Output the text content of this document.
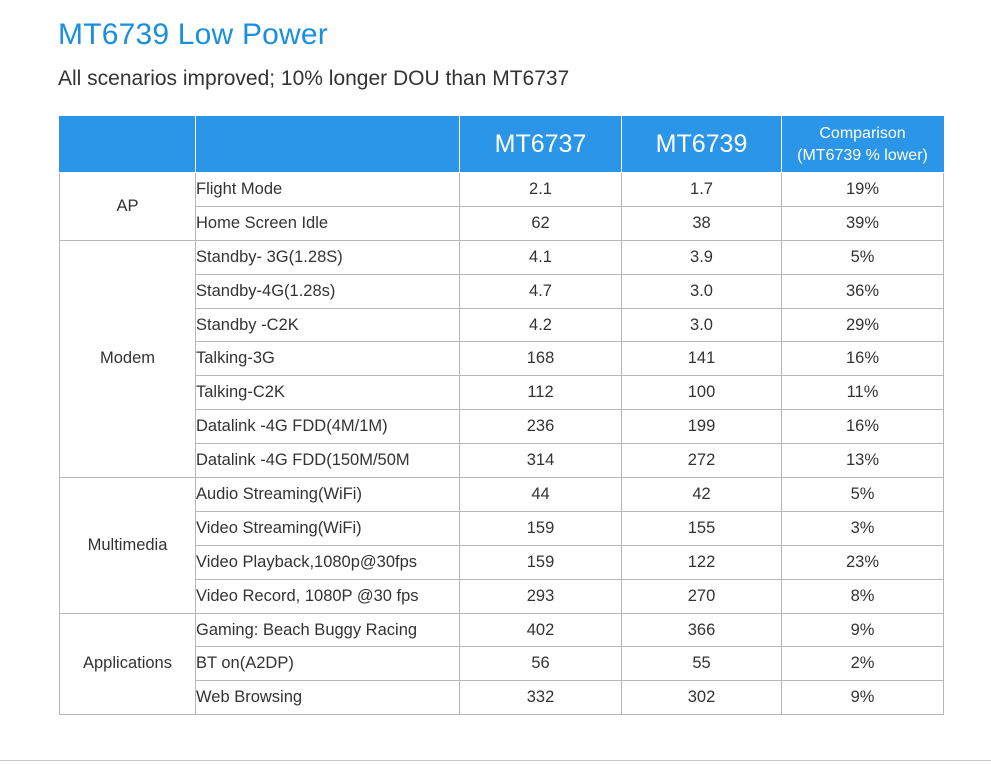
MT6739 Low Power
All scenarios improved; 10% longer DOU than MT6737
		MT6737	MT6739	Comparison
(MT6739 % lower)
AP	Flight Mode	2.1	1.7	19%
	Home Screen Idle	62	38	39%
Modem	Standby- 3G(1.28S)	4.1	3.9	5%
	Standby-4G(1.28s)	4.7	3.0	36%
	Standby -C2K	4.2	3.0	29%
	Talking-3G	168	141	16%
	Talking-C2K	112	100	11%
	Datalink -4G FDD(4M/1M)	236	199	16%
	Datalink -4G FDD(150M/50M	314	272	13%
Multimedia	Audio Streaming(WiFi)	44	42	5%
	Video Streaming(WiFi)	159	155	3%
	Video Playback,1080p@30fps	159	122	23%
	Video Record, 1080P @30 fps	293	270	8%
Applications	Gaming: Beach Buggy Racing	402	366	9%
	BT on(A2DP)	56	55	2%
	Web Browsing	332	302	9%
